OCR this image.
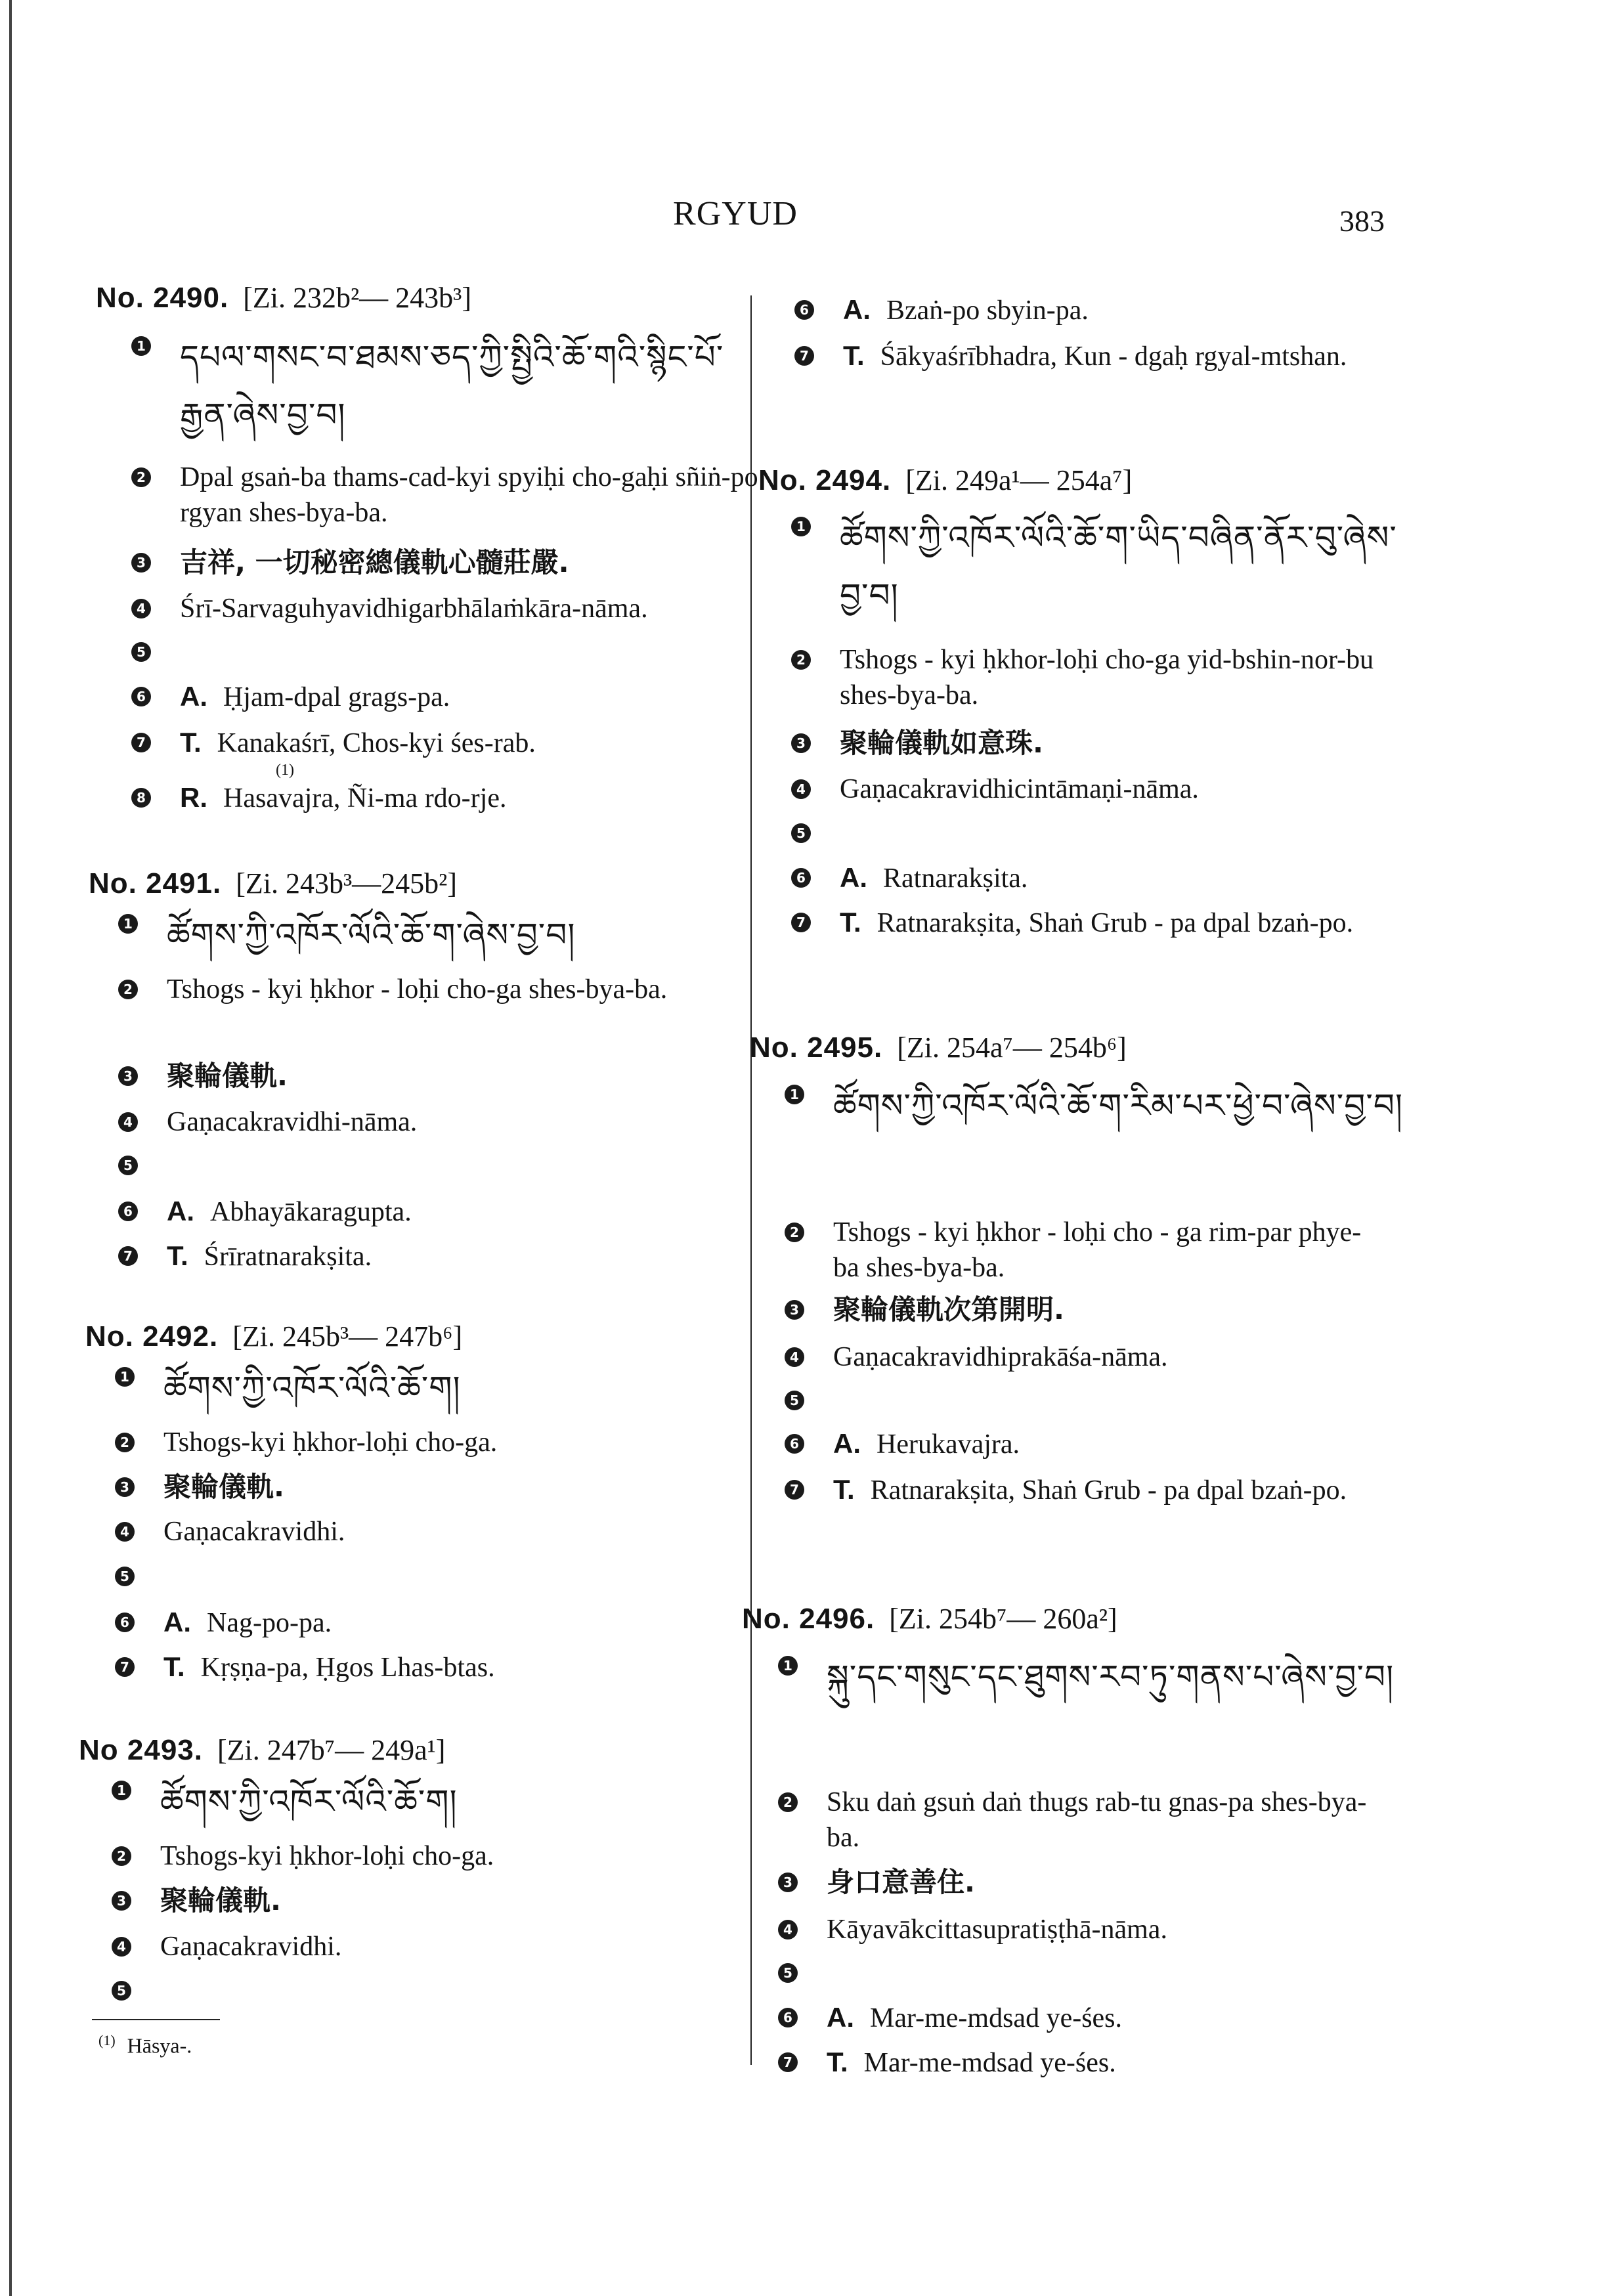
RGYUD	383
No. 2490. [Zi. 232b²— 243b³]
1 དཔལ་གསང་བ་ཐམས་ཅད་ཀྱི་སྤྱིའི་ཆོ་གའི་སྙིང་པོ་རྒྱན་ཞེས་བྱ་བ།
2 Dpal gsaṅ-ba thams-cad-kyi spyiḥi cho-gaḥi sñiṅ-po rgyan shes-bya-ba.
3 吉祥, 一切秘密總儀軌心髓莊嚴.
4 Śrī-Sarvaguhyavidhigarbhālaṁkāra-nāma.
5
6 A. Ḥjam-dpal grags-pa.
7 T. Kanakaśrī, Chos-kyi śes-rab.
(1)
8 R. Hasavajra, Ñi-ma rdo-rje.
No. 2491. [Zi. 243b³—245b²]
1 ཚོགས་ཀྱི་འཁོར་ལོའི་ཆོ་ག་ཞེས་བྱ་བ།
2 Tshogs - kyi ḥkhor - loḥi cho-ga shes-bya-ba.
3 聚輪儀軌.
4 Gaṇacakravidhi-nāma.
5
6 A. Abhayākaragupta.
7 T. Śrīratnarakṣita.
No. 2492. [Zi. 245b³— 247b⁶]
1 ཚོགས་ཀྱི་འཁོར་ལོའི་ཆོ་ག།
2 Tshogs-kyi ḥkhor-loḥi cho-ga.
3 聚輪儀軌.
4 Gaṇacakravidhi.
5
6 A. Nag-po-pa.
7 T. Kṛṣṇa-pa, Ḥgos Lhas-btas.
No 2493. [Zi. 247b⁷— 249a¹]
1 ཚོགས་ཀྱི་འཁོར་ལོའི་ཆོ་ག།
2 Tshogs-kyi ḥkhor-loḥi cho-ga.
3 聚輪儀軌.
4 Gaṇacakravidhi.
5
$^{(1)}$ Hāsya-.
6 A. Bzaṅ-po sbyin-pa.
7 T. Śākyaśrībhadra, Kun - dgaḥ rgyal-mtshan.
No. 2494. [Zi. 249a¹— 254a⁷]
1 ཚོགས་ཀྱི་འཁོར་ལོའི་ཆོ་ག་ཡིད་བཞིན་ནོར་བུ་ཞེས་བྱ་བ།
2 Tshogs - kyi ḥkhor-loḥi cho-ga yid-bshin-nor-bu shes-bya-ba.
3 聚輪儀軌如意珠.
4 Gaṇacakravidhicintāmaṇi-nāma.
5
6 A. Ratnarakṣita.
7 T. Ratnarakṣita, Shaṅ Grub - pa dpal bzaṅ-po.
No. 2495. [Zi. 254a⁷— 254b⁶]
1 ཚོགས་ཀྱི་འཁོར་ལོའི་ཆོ་ག་རིམ་པར་ཕྱེ་བ་ཞེས་བྱ་བ།
2 Tshogs - kyi ḥkhor - loḥi cho - ga rim-par phye-ba shes-bya-ba.
3 聚輪儀軌次第開明.
4 Gaṇacakravidhiprakāśa-nāma.
5
6 A. Herukavajra.
7 T. Ratnarakṣita, Shaṅ Grub - pa dpal bzaṅ-po.
No. 2496. [Zi. 254b⁷— 260a²]
1 སྐུ་དང་གསུང་དང་ཐུགས་རབ་ཏུ་གནས་པ་ཞེས་བྱ་བ།
2 Sku daṅ gsuṅ daṅ thugs rab-tu gnas-pa shes-bya-ba.
3 身口意善住.
4 Kāyavākcittasupratiṣṭhā-nāma.
5
6 A. Mar-me-mdsad ye-śes.
7 T. Mar-me-mdsad ye-śes.
